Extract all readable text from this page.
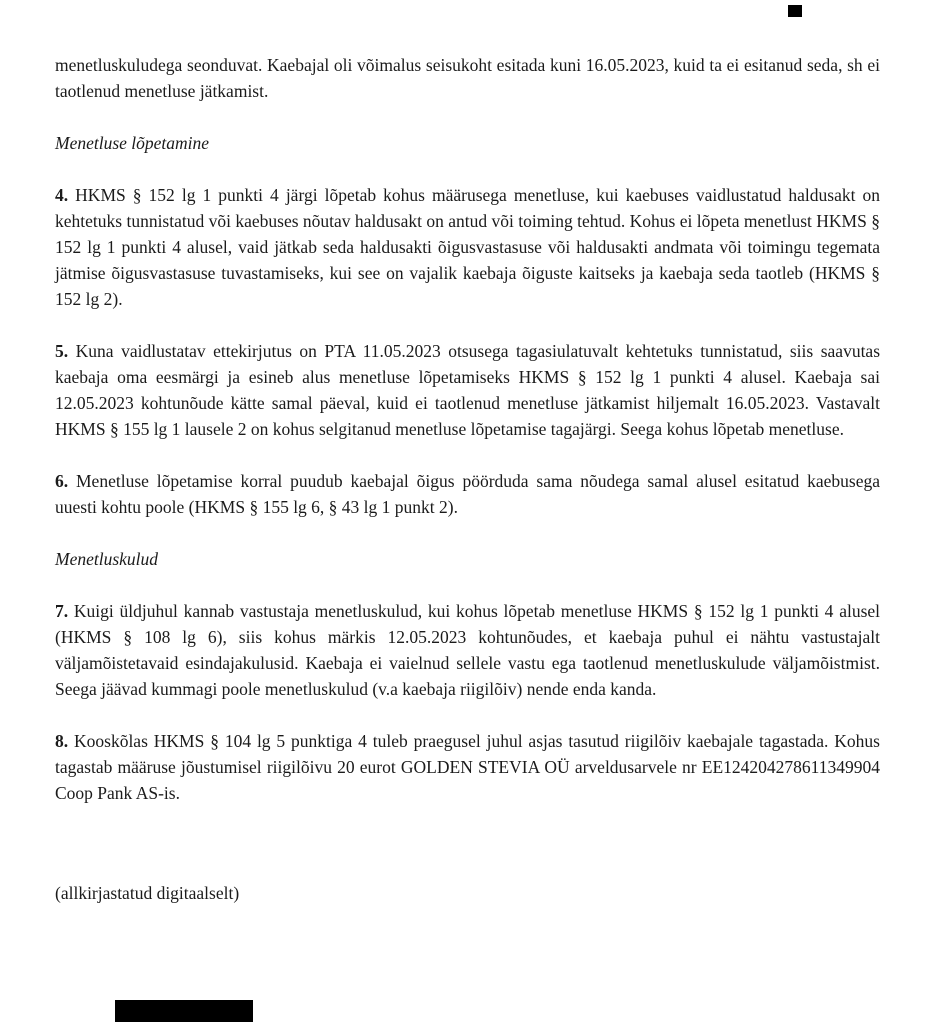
menetluskuludega seonduvat. Kaebajal oli võimalus seisukoht esitada kuni 16.05.2023, kuid ta ei esitanud seda, sh ei taotlenud menetluse jätkamist.

Menetluse lõpetamine

4. HKMS § 152 lg 1 punkti 4 järgi lõpetab kohus määrusega menetluse, kui kaebuses vaidlustatud haldusakt on kehtetuks tunnistatud või kaebuses nõutav haldusakt on antud või toiming tehtud. Kohus ei lõpeta menetlust HKMS § 152 lg 1 punkti 4 alusel, vaid jätkab seda haldusakti õigusvastasuse või haldusakti andmata või toimingu tegemata jätmise õigusvastasuse tuvastamiseks, kui see on vajalik kaebaja õiguste kaitseks ja kaebaja seda taotleb (HKMS § 152 lg 2).

5. Kuna vaidlustatav ettekirjutus on PTA 11.05.2023 otsusega tagasiulatuvalt kehtetuks tunnistatud, siis saavutas kaebaja oma eesmärgi ja esineb alus menetluse lõpetamiseks HKMS § 152 lg 1 punkti 4 alusel. Kaebaja sai 12.05.2023 kohtunõude kätte samal päeval, kuid ei taotlenud menetluse jätkamist hiljemalt 16.05.2023. Vastavalt HKMS § 155 lg 1 lausele 2 on kohus selgitanud menetluse lõpetamise tagajärgi. Seega kohus lõpetab menetluse.

6. Menetluse lõpetamise korral puudub kaebajal õigus pöörduda sama nõudega samal alusel esitatud kaebusega uuesti kohtu poole (HKMS § 155 lg 6, § 43 lg 1 punkt 2).

Menetluskulud

7. Kuigi üldjuhul kannab vastustaja menetluskulud, kui kohus lõpetab menetluse HKMS § 152 lg 1 punkti 4 alusel (HKMS § 108 lg 6), siis kohus märkis 12.05.2023 kohtunõudes, et kaebaja puhul ei nähtu vastustajalt väljamõistetavaid esindajakulusid. Kaebaja ei vaielnud sellele vastu ega taotlenud menetluskulude väljamõistmist. Seega jäävad kummagi poole menetluskulud (v.a kaebaja riigilõiv) nende enda kanda.

8. Kooskõlas HKMS § 104 lg 5 punktiga 4 tuleb praegusel juhul asjas tasutud riigilõiv kaebajale tagastada. Kohus tagastab määruse jõustumisel riigilõivu 20 eurot GOLDEN STEVIA OÜ arveldusarvele nr EE124204278611349904 Coop Pank AS-is.

(allkirjastatud digitaalselt)
